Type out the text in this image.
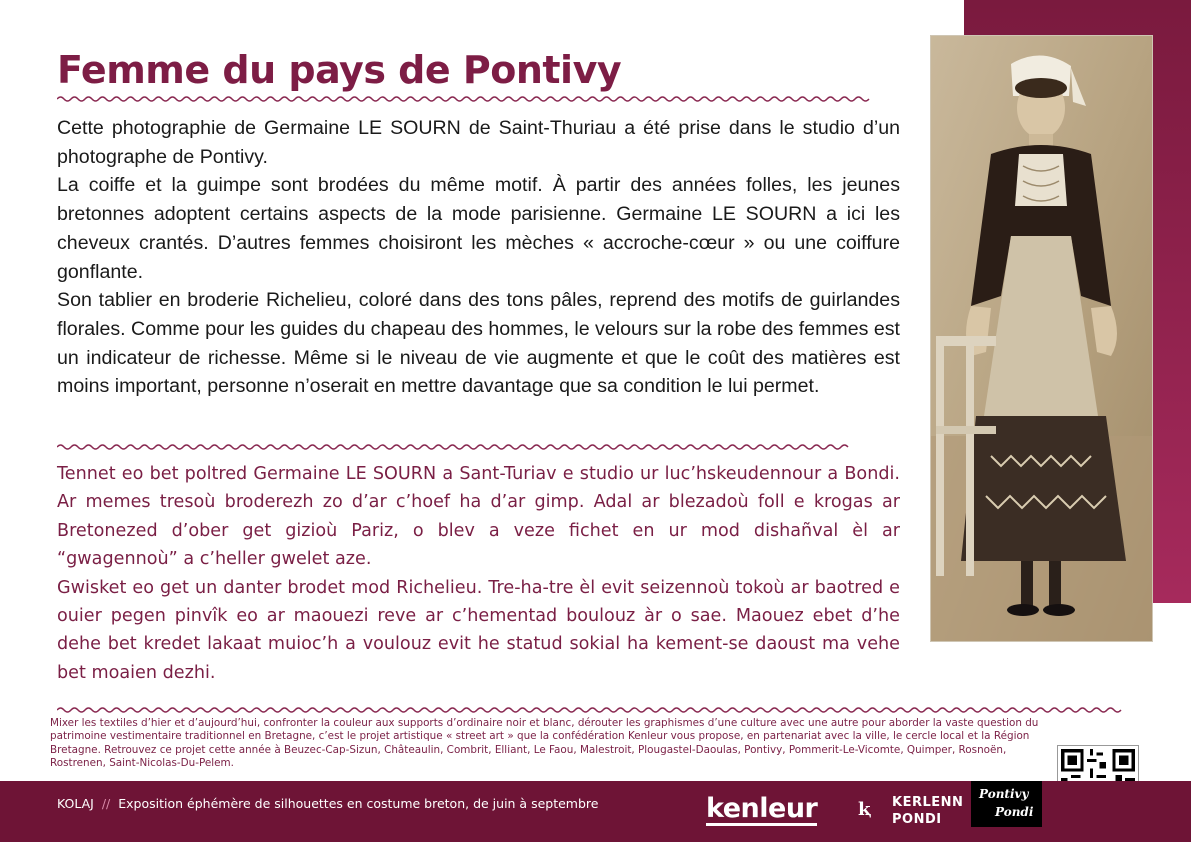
Femme du pays de Pontivy

Cette photographie de Germaine LE SOURN de Saint-Thuriau a été prise dans le studio d’un photographe de Pontivy.

La coiffe et la guimpe sont brodées du même motif. À partir des années folles, les jeunes bretonnes adoptent certains aspects de la mode parisienne. Germaine LE SOURN a ici les cheveux crantés. D’autres femmes choisiront les mèches « accroche-cœur » ou une coiffure gonflante.

Son tablier en broderie Richelieu, coloré dans des tons pâles, reprend des motifs de guirlandes florales. Comme pour les guides du chapeau des hommes, le velours sur la robe des femmes est un indicateur de richesse. Même si le niveau de vie augmente et que le coût des matières est moins important, personne n’oserait en mettre davantage que sa condition le lui permet.

Tennet eo bet poltred Germaine LE SOURN a Sant-Turiav e studio ur luc’hskeudennour a Bondi. Ar memes tresoù broderezh zo d’ar c’hoef ha d’ar gimp. Adal ar blezadoù foll e krogas ar Bretonezed d’ober get gizioù Pariz, o blev a veze fichet en ur mod dishañval èl ar “gwagennoù” a c’heller gwelet aze.

Gwisket eo get un danter brodet mod Richelieu. Tre-ha-tre èl evit seizennoù tokoù ar baotred e ouier pegen pinvîk eo ar maouezi reve ar c’hementad boulouz àr o sae. Maouez ebet d’he dehe bet kredet lakaat muioc’h a voulouz evit he statud sokial ha kement-se daoust ma vehe bet moaien dezhi.

Mixer les textiles d’hier et d’aujourd’hui, confronter la couleur aux supports d’ordinaire noir et blanc, dérouter les graphismes d’une culture avec une autre pour aborder la vaste question du patrimoine vestimentaire traditionnel en Bretagne, c’est le projet artistique « street art » que la confédération Kenleur vous propose, en partenariat avec la ville, le cercle local et la Région Bretagne. Retrouvez ce projet cette année à Beuzec-Cap-Sizun, Châteaulin, Combrit, Elliant, Le Faou, Malestroit, Plougastel-Daoulas, Pontivy, Pommerit-Le-Vicomte, Quimper, Rosnoën, Rostrenen, Saint-Nicolas-Du-Pelem.

KOLAJ // Exposition éphémère de silhouettes en costume breton, de juin à septembre	kenleur ⱪ KERLENN
PONDI
Pontivy
Pondi
